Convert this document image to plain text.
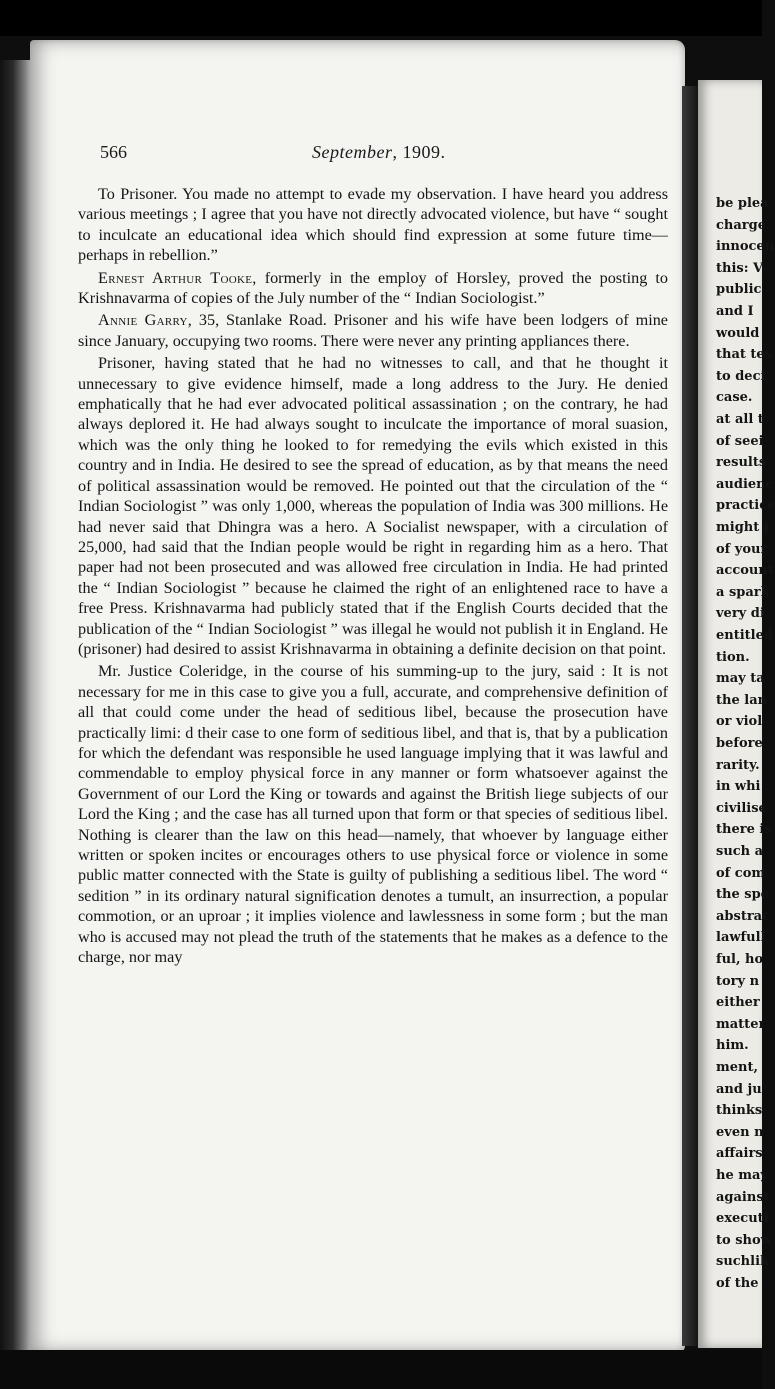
be plea
charge.
innocen
this: V
public
and I
would
that tes
to deci
case.
at all t
of seei
results
audienc
practice
might j
of your
account
a spark
very di
entitled
tion.
may ta
the lan
or viol
before
rarity.
in whi
civilise
there is
such a
of com
the spe
abstrac
lawfull
ful, ho
tory n
either
matter
him.
ment,
and ju
thinks
even n
affairs
he may
against
executi
to show
suchlik
of the
566	September, 1909.

To Prisoner. You made no attempt to evade my observation. I have heard you address various meetings ; I agree that you have not directly advocated violence, but have “ sought to inculcate an educational idea which should find expression at some future time—perhaps in rebellion.”

Ernest Arthur Tooke, formerly in the employ of Horsley, proved the posting to Krishnavarma of copies of the July number of the “ Indian Sociologist.”

Annie Garry, 35, Stanlake Road. Prisoner and his wife have been lodgers of mine since January, occupying two rooms. There were never any printing appliances there.

Prisoner, having stated that he had no witnesses to call, and that he thought it unnecessary to give evidence himself, made a long address to the Jury. He denied emphatically that he had ever advocated political assassination ; on the contrary, he had always deplored it. He had always sought to inculcate the importance of moral suasion, which was the only thing he looked to for remedying the evils which existed in this country and in India. He desired to see the spread of education, as by that means the need of political assassination would be removed. He pointed out that the circulation of the “ Indian Sociologist ” was only 1,000, whereas the population of India was 300 millions. He had never said that Dhingra was a hero. A Socialist newspaper, with a circulation of 25,000, had said that the Indian people would be right in regarding him as a hero. That paper had not been prosecuted and was allowed free circulation in India. He had printed the “ Indian Sociologist ” because he claimed the right of an enlightened race to have a free Press. Krishnavarma had publicly stated that if the English Courts decided that the publication of the “ Indian Sociologist ” was illegal he would not publish it in England. He (prisoner) had desired to assist Krishnavarma in obtaining a definite decision on that point.

Mr. Justice Coleridge, in the course of his summing-up to the jury, said : It is not necessary for me in this case to give you a full, accurate, and comprehensive definition of all that could come under the head of seditious libel, because the prosecution have practically limi: d their case to one form of seditious libel, and that is, that by a publication for which the defendant was responsible he used language implying that it was lawful and commendable to employ physical force in any manner or form whatsoever against the Government of our Lord the King or towards and against the British liege subjects of our Lord the King ; and the case has all turned upon that form or that species of seditious libel. Nothing is clearer than the law on this head—namely, that whoever by language either written or spoken incites or encourages others to use physical force or violence in some public matter connected with the State is guilty of publishing a seditious libel. The word “ sedition ” in its ordinary natural signification denotes a tumult, an insurrection, a popular commotion, or an uproar ; it implies violence and lawlessness in some form ; but the man who is accused may not plead the truth of the statements that he makes as a defence to the charge, nor may
